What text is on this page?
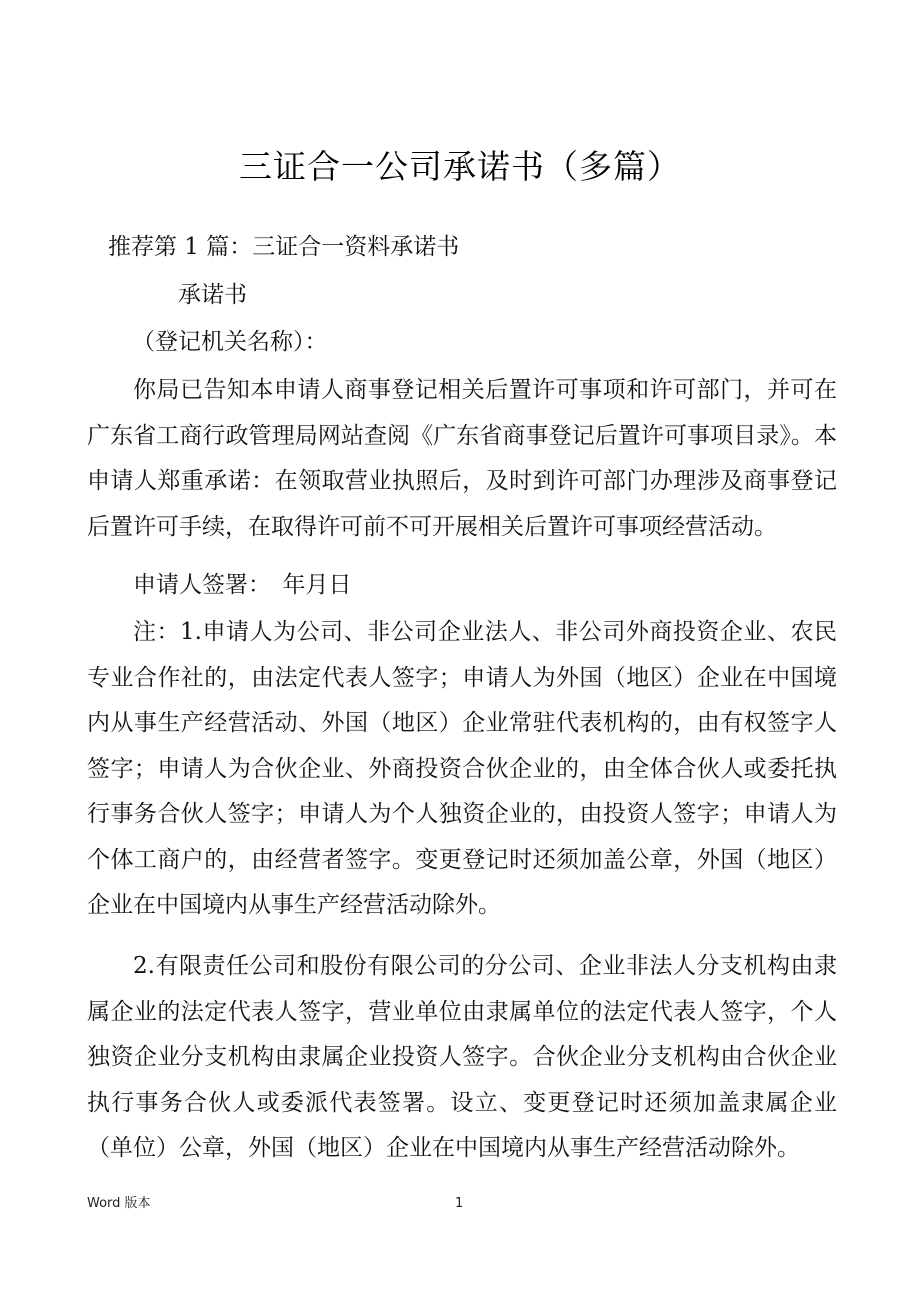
三证合一公司承诺书（多篇）
推荐第 1 篇：三证合一资料承诺书
承诺书
（登记机关名称）：
你局已告知本申请人商事登记相关后置许可事项和许可部门，并可在广东省工商行政管理局网站查阅《广东省商事登记后置许可事项目录》。本申请人郑重承诺：在领取营业执照后，及时到许可部门办理涉及商事登记后置许可手续，在取得许可前不可开展相关后置许可事项经营活动。
申请人签署：　年月日
注：1.申请人为公司、非公司企业法人、非公司外商投资企业、农民专业合作社的，由法定代表人签字；申请人为外国（地区）企业在中国境内从事生产经营活动、外国（地区）企业常驻代表机构的，由有权签字人签字；申请人为合伙企业、外商投资合伙企业的，由全体合伙人或委托执行事务合伙人签字；申请人为个人独资企业的，由投资人签字；申请人为个体工商户的，由经营者签字。变更登记时还须加盖公章，外国（地区）企业在中国境内从事生产经营活动除外。
2.有限责任公司和股份有限公司的分公司、企业非法人分支机构由隶属企业的法定代表人签字，营业单位由隶属单位的法定代表人签字，个人独资企业分支机构由隶属企业投资人签字。合伙企业分支机构由合伙企业执行事务合伙人或委派代表签署。设立、变更登记时还须加盖隶属企业（单位）公章，外国（地区）企业在中国境内从事生产经营活动除外。
Word 版本	1
